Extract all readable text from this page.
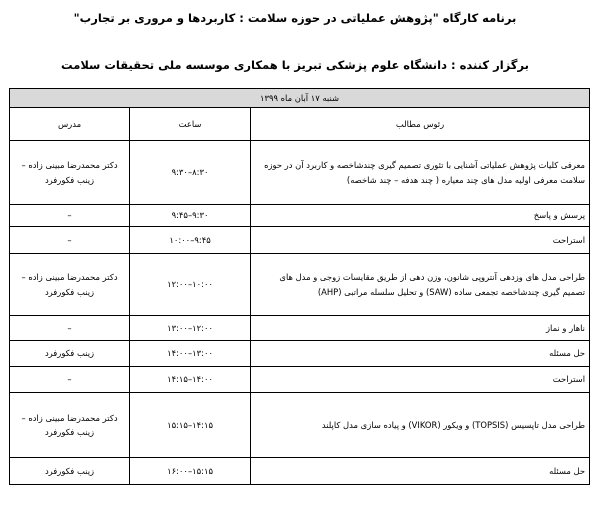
برنامه کارگاه "پژوهش عملیاتی در حوزه سلامت : کاربردها و مروری بر تجارب"
برگزار کننده : دانشگاه علوم پزشکی تبریز با همکاری موسسه ملی تحقیقات سلامت
شنبه ۱۷ آبان ماه ۱۳۹۹		
رئوس مطالب	ساعت	مدرس
معرفی کلیات پژوهش عملیاتی آشنایی با تئوری تصمیم گیری چندشاخصه و کاربرد آن در حوزه سلامت معرفی اولیه مدل های چند معیاره ( چند هدفه – چند شاخصه)	۸:۳۰–۹:۳۰	دکتر محمدرضا مبینی زاده – زینب فکورفرد
پرسش و پاسخ	۹:۳۰–۹:۴۵	–
استراحت	۹:۴۵–۱۰:۰۰	–
طراحی مدل های وزدهی آنتروپی شانون، وزن دهی از طریق مقایسات زوجی و مدل های تصمیم گیری چندشاخصه تجمعی ساده (SAW) و تحلیل سلسله مراتبی (AHP)	۱۰:۰۰–۱۲:۰۰	دکتر محمدرضا مبینی زاده – زینب فکورفرد
ناهار و نماز	۱۲:۰۰–۱۳:۰۰	–
حل مسئله	۱۳:۰۰–۱۴:۰۰	زینب فکورفرد
استراحت	۱۴:۰۰–۱۴:۱۵	–
طراحی مدل تاپسیس (TOPSIS) و ویکور (VIKOR) و پیاده سازی مدل کاپلند	۱۴:۱۵–۱۵:۱۵	دکتر محمدرضا مبینی زاده – زینب فکورفرد
حل مسئله	۱۵:۱۵–۱۶:۰۰	زینب فکورفرد
